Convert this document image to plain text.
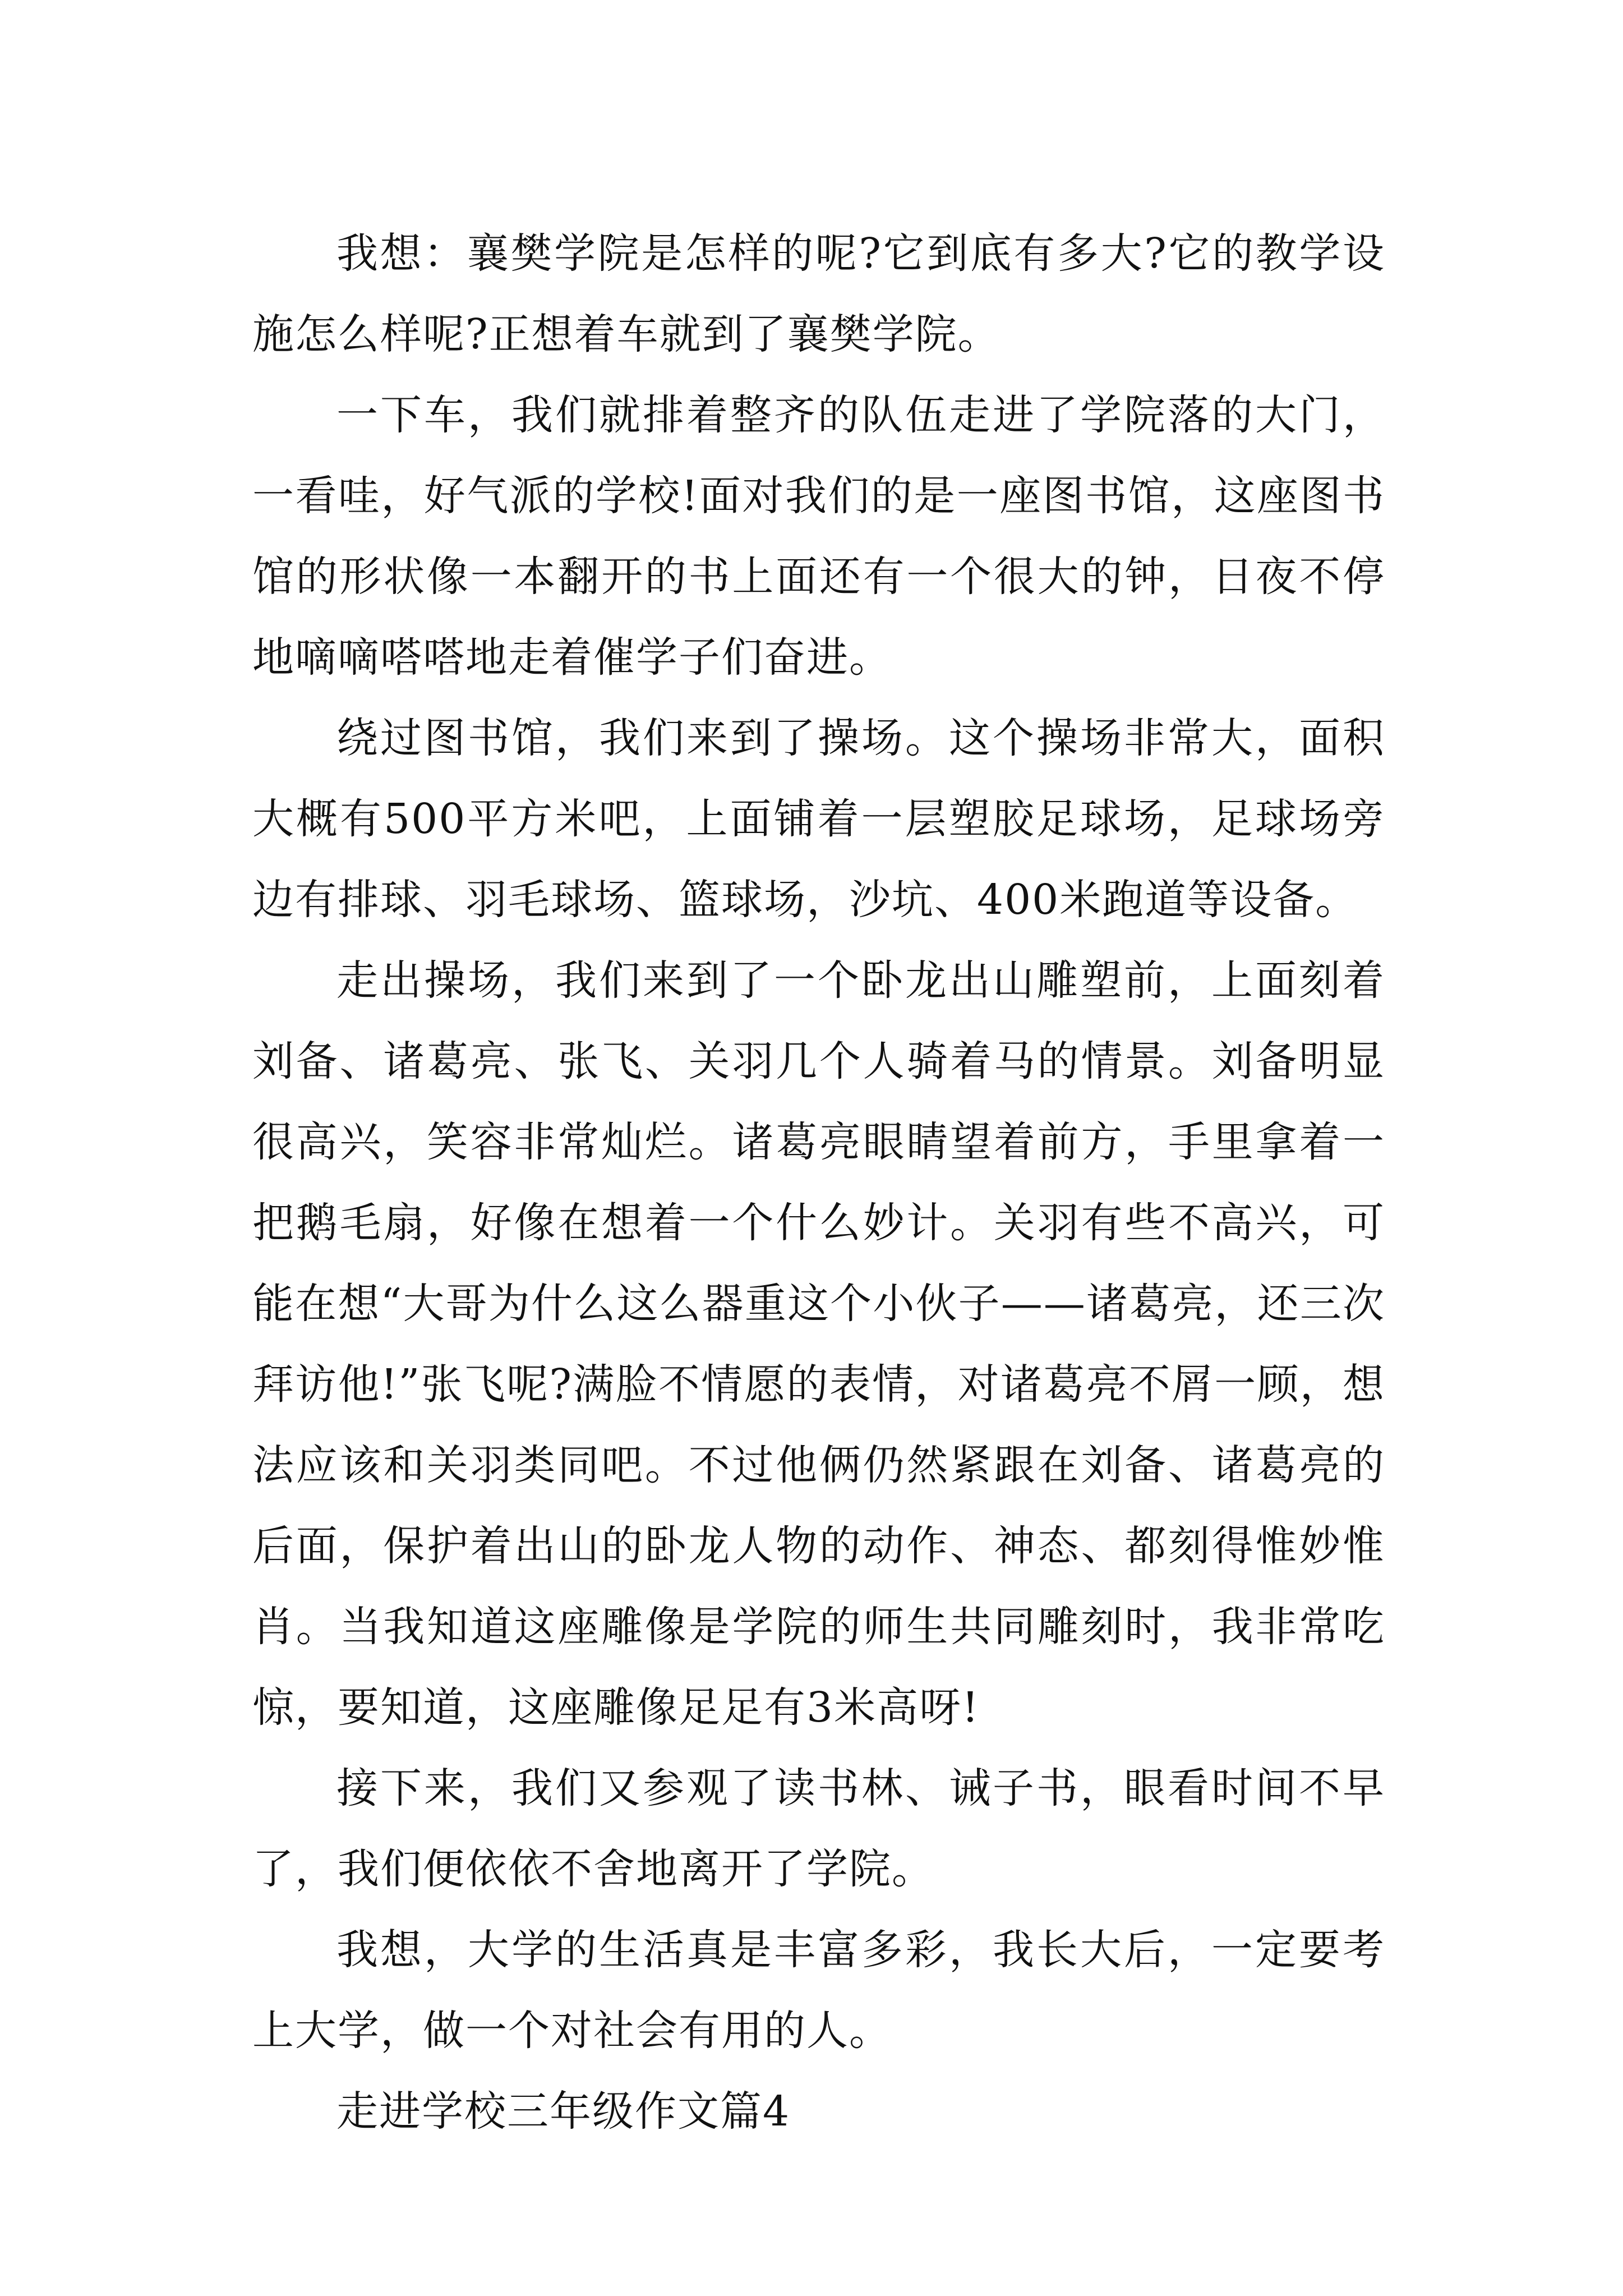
我想：襄樊学院是怎样的呢?它到底有多大?它的教学设施怎么样呢?正想着车就到了襄樊学院。

一下车，我们就排着整齐的队伍走进了学院落的大门，一看哇，好气派的学校!面对我们的是一座图书馆，这座图书馆的形状像一本翻开的书上面还有一个很大的钟，日夜不停地嘀嘀嗒嗒地走着催学子们奋进。

绕过图书馆，我们来到了操场。这个操场非常大，面积大概有500平方米吧，上面铺着一层塑胶足球场，足球场旁边有排球、羽毛球场、篮球场，沙坑、400米跑道等设备。

走出操场，我们来到了一个卧龙出山雕塑前，上面刻着刘备、诸葛亮、张飞、关羽几个人骑着马的情景。刘备明显很高兴，笑容非常灿烂。诸葛亮眼睛望着前方，手里拿着一把鹅毛扇，好像在想着一个什么妙计。关羽有些不高兴，可能在想“大哥为什么这么器重这个小伙子——诸葛亮，还三次拜访他!”张飞呢?满脸不情愿的表情，对诸葛亮不屑一顾，想法应该和关羽类同吧。不过他俩仍然紧跟在刘备、诸葛亮的后面，保护着出山的卧龙人物的动作、神态、都刻得惟妙惟肖。当我知道这座雕像是学院的师生共同雕刻时，我非常吃惊，要知道，这座雕像足足有3米高呀!

接下来，我们又参观了读书林、诫子书，眼看时间不早了，我们便依依不舍地离开了学院。

我想，大学的生活真是丰富多彩，我长大后，一定要考上大学，做一个对社会有用的人。

走进学校三年级作文篇4
